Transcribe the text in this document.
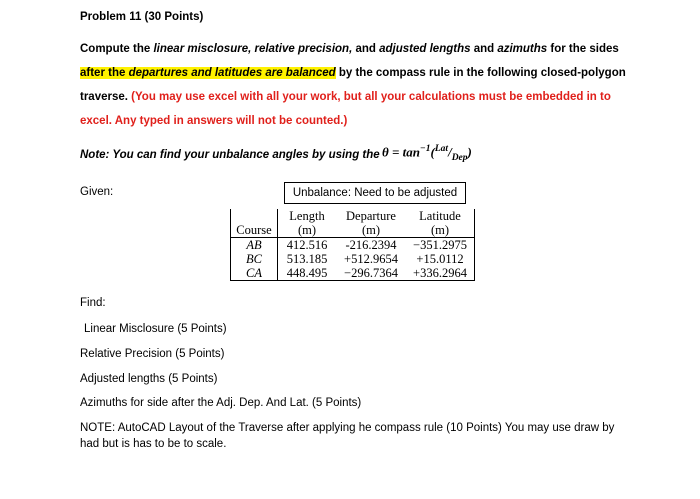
Problem 11 (30 Points)
Compute the linear misclosure, relative precision, and adjusted lengths and azimuths for the sides
after the departures and latitudes are balanced by the compass rule in the following closed-polygon
traverse. (You may use excel with all your work, but all your calculations must be embedded in to
excel. Any typed in answers will not be counted.)
Note: You can find your unbalance angles by using the $\theta = \tan^{-1}(^{Lat}/_{Dep})$
Given:	Unbalance: Need to be adjusted
	Length	Departure	Latitude
Course	(m)	(m)	(m)
AB	412.516	-216.2394	−351.2975
BC	513.185	+512.9654	+15.0112
CA	448.495	−296.7364	+336.2964
Find:
Linear Misclosure (5 Points)
Relative Precision (5 Points)
Adjusted lengths (5 Points)
Azimuths for side after the Adj. Dep. And Lat. (5 Points)
NOTE: AutoCAD Layout of the Traverse after applying he compass rule (10 Points) You may use draw by
had but is has to be to scale.
